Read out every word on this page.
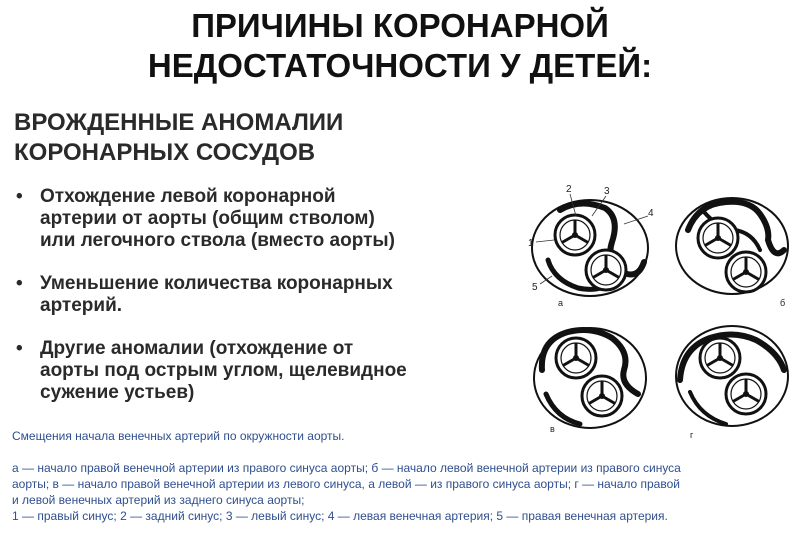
ПРИЧИНЫ КОРОНАРНОЙ
НЕДОСТАТОЧНОСТИ У ДЕТЕЙ:
ВРОЖДЕННЫЕ АНОМАЛИИ
КОРОНАРНЫХ СОСУДОВ
• Отхождение левой коронарной
артерии от аорты (общим стволом)
или легочного ствола (вместо аорты)
• Уменьшение количества коронарных
артерий.
• Другие аномалии (отхождение от
аорты под острым углом, щелевидное
сужение устьев)
2	3
4
1
5
а	б
в
г
Смещения начала венечных артерий по окружности аорты.

а — начало правой венечной артерии из правого синуса аорты; б — начало левой венечной артерии из правого синуса

аорты; в — начало правой венечной артерии из левого синуса, а левой — из правого синуса аорты; г — начало правой

и левой венечных артерий из заднего синуса аорты;

1 — правый синус; 2 — задний синус; 3 — левый синус; 4 — левая венечная артерия; 5 — правая венечная артерия.
